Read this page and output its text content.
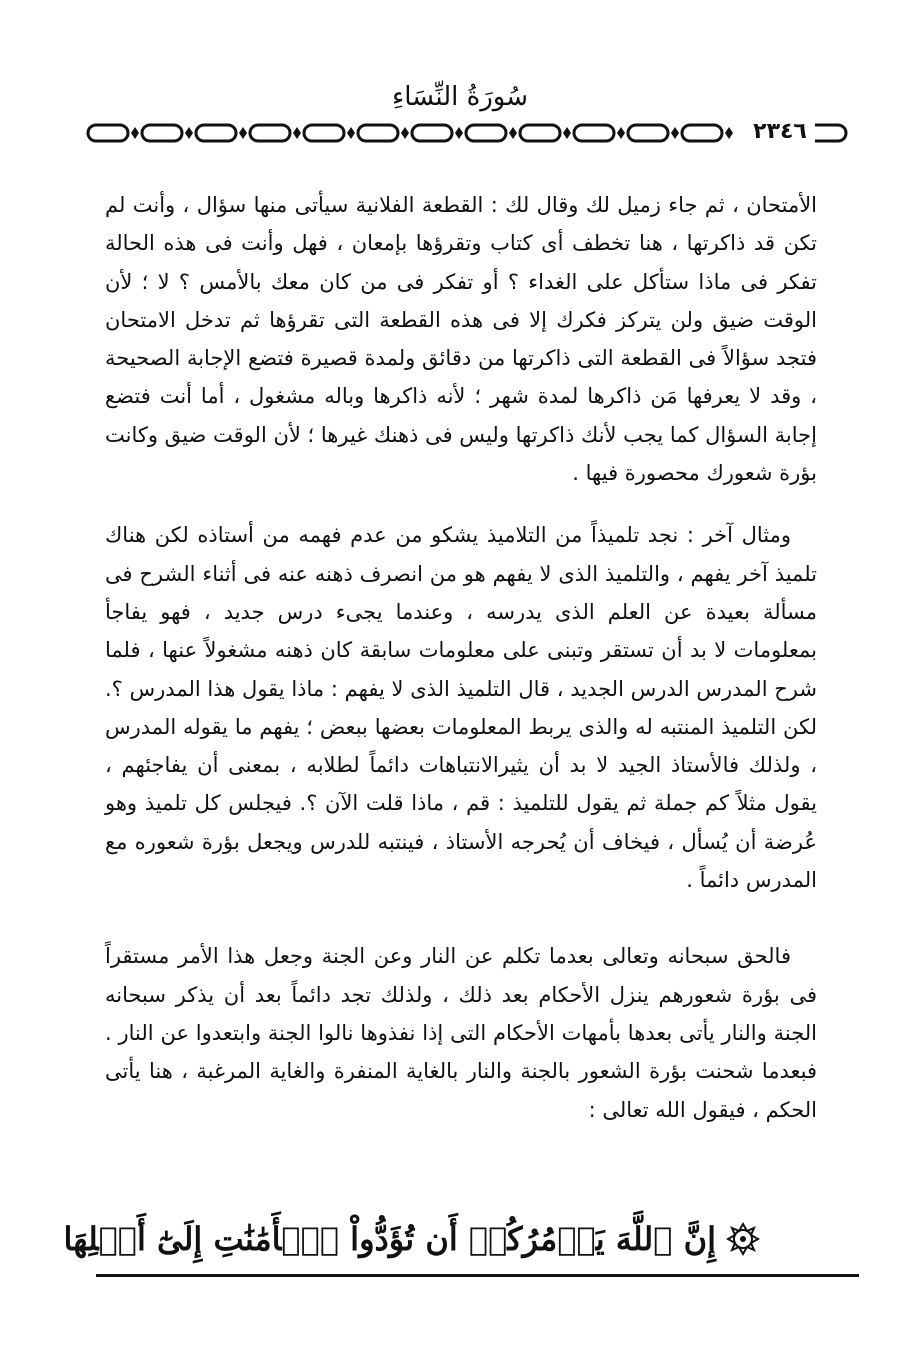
سُورَةُ النِّسَاءِ
٢٣٤٦

الأمتحان ، ثم جاء زميل لك وقال لك : القطعة الفلانية سيأتى منها سؤال ، وأنت لم تكن قد ذاكرتها ، هنا تخطف أى كتاب وتقرؤها بإمعان ، فهل وأنت فى هذه الحالة تفكر فى ماذا ستأكل على الغداء ؟ أو تفكر فى من كان معك بالأمس ؟ لا ؛ لأن الوقت ضيق ولن يتركز فكرك إلا فى هذه القطعة التى تقرؤها ثم تدخل الامتحان فتجد سؤالاً فى القطعة التى ذاكرتها من دقائق ولمدة قصيرة فتضع الإجابة الصحيحة ، وقد لا يعرفها مَن ذاكرها لمدة شهر ؛ لأنه ذاكرها وباله مشغول ، أما أنت فتضع إجابة السؤال كما يجب لأنك ذاكرتها وليس فى ذهنك غيرها ؛ لأن الوقت ضيق وكانت بؤرة شعورك محصورة فيها .

ومثال آخر : نجد تلميذاً من التلاميذ يشكو من عدم فهمه من أستاذه لكن هناك تلميذ آخر يفهم ، والتلميذ الذى لا يفهم هو من انصرف ذهنه عنه فى أثناء الشرح فى مسألة بعيدة عن العلم الذى يدرسه ، وعندما يجىء درس جديد ، فهو يفاجأ بمعلومات لا بد أن تستقر وتبنى على معلومات سابقة كان ذهنه مشغولاً عنها ، فلما شرح المدرس الدرس الجديد ، قال التلميذ الذى لا يفهم : ماذا يقول هذا المدرس ؟. لكن التلميذ المنتبه له والذى يربط المعلومات بعضها ببعض ؛ يفهم ما يقوله المدرس ، ولذلك فالأستاذ الجيد لا بد أن يثيرالانتباهات دائماً لطلابه ، بمعنى أن يفاجئهم ، يقول مثلاً كم جملة ثم يقول للتلميذ : قم ، ماذا قلت الآن ؟. فيجلس كل تلميذ وهو عُرضة أن يُسأل ، فيخاف أن يُحرجه الأستاذ ، فينتبه للدرس ويجعل بؤرة شعوره مع المدرس دائماً .

فالحق سبحانه وتعالى بعدما تكلم عن النار وعن الجنة وجعل هذا الأمر مستقراً فى بؤرة شعورهم ينزل الأحكام بعد ذلك ، ولذلك تجد دائماً بعد أن يذكر سبحانه الجنة والنار يأتى بعدها بأمهات الأحكام التى إذا نفذوها نالوا الجنة وابتعدوا عن النار . فبعدما شحنت بؤرة الشعور بالجنة والنار بالغاية المنفرة والغاية المرغبة ، هنا يأتى الحكم ، فيقول الله تعالى :

إِنَّ ٱللَّهَ يَأۡمُرُكُمۡ أَن تُؤَدُّواْ ٱلۡأَمَٰنَٰتِ إِلَىٰٓ أَهۡلِهَا
